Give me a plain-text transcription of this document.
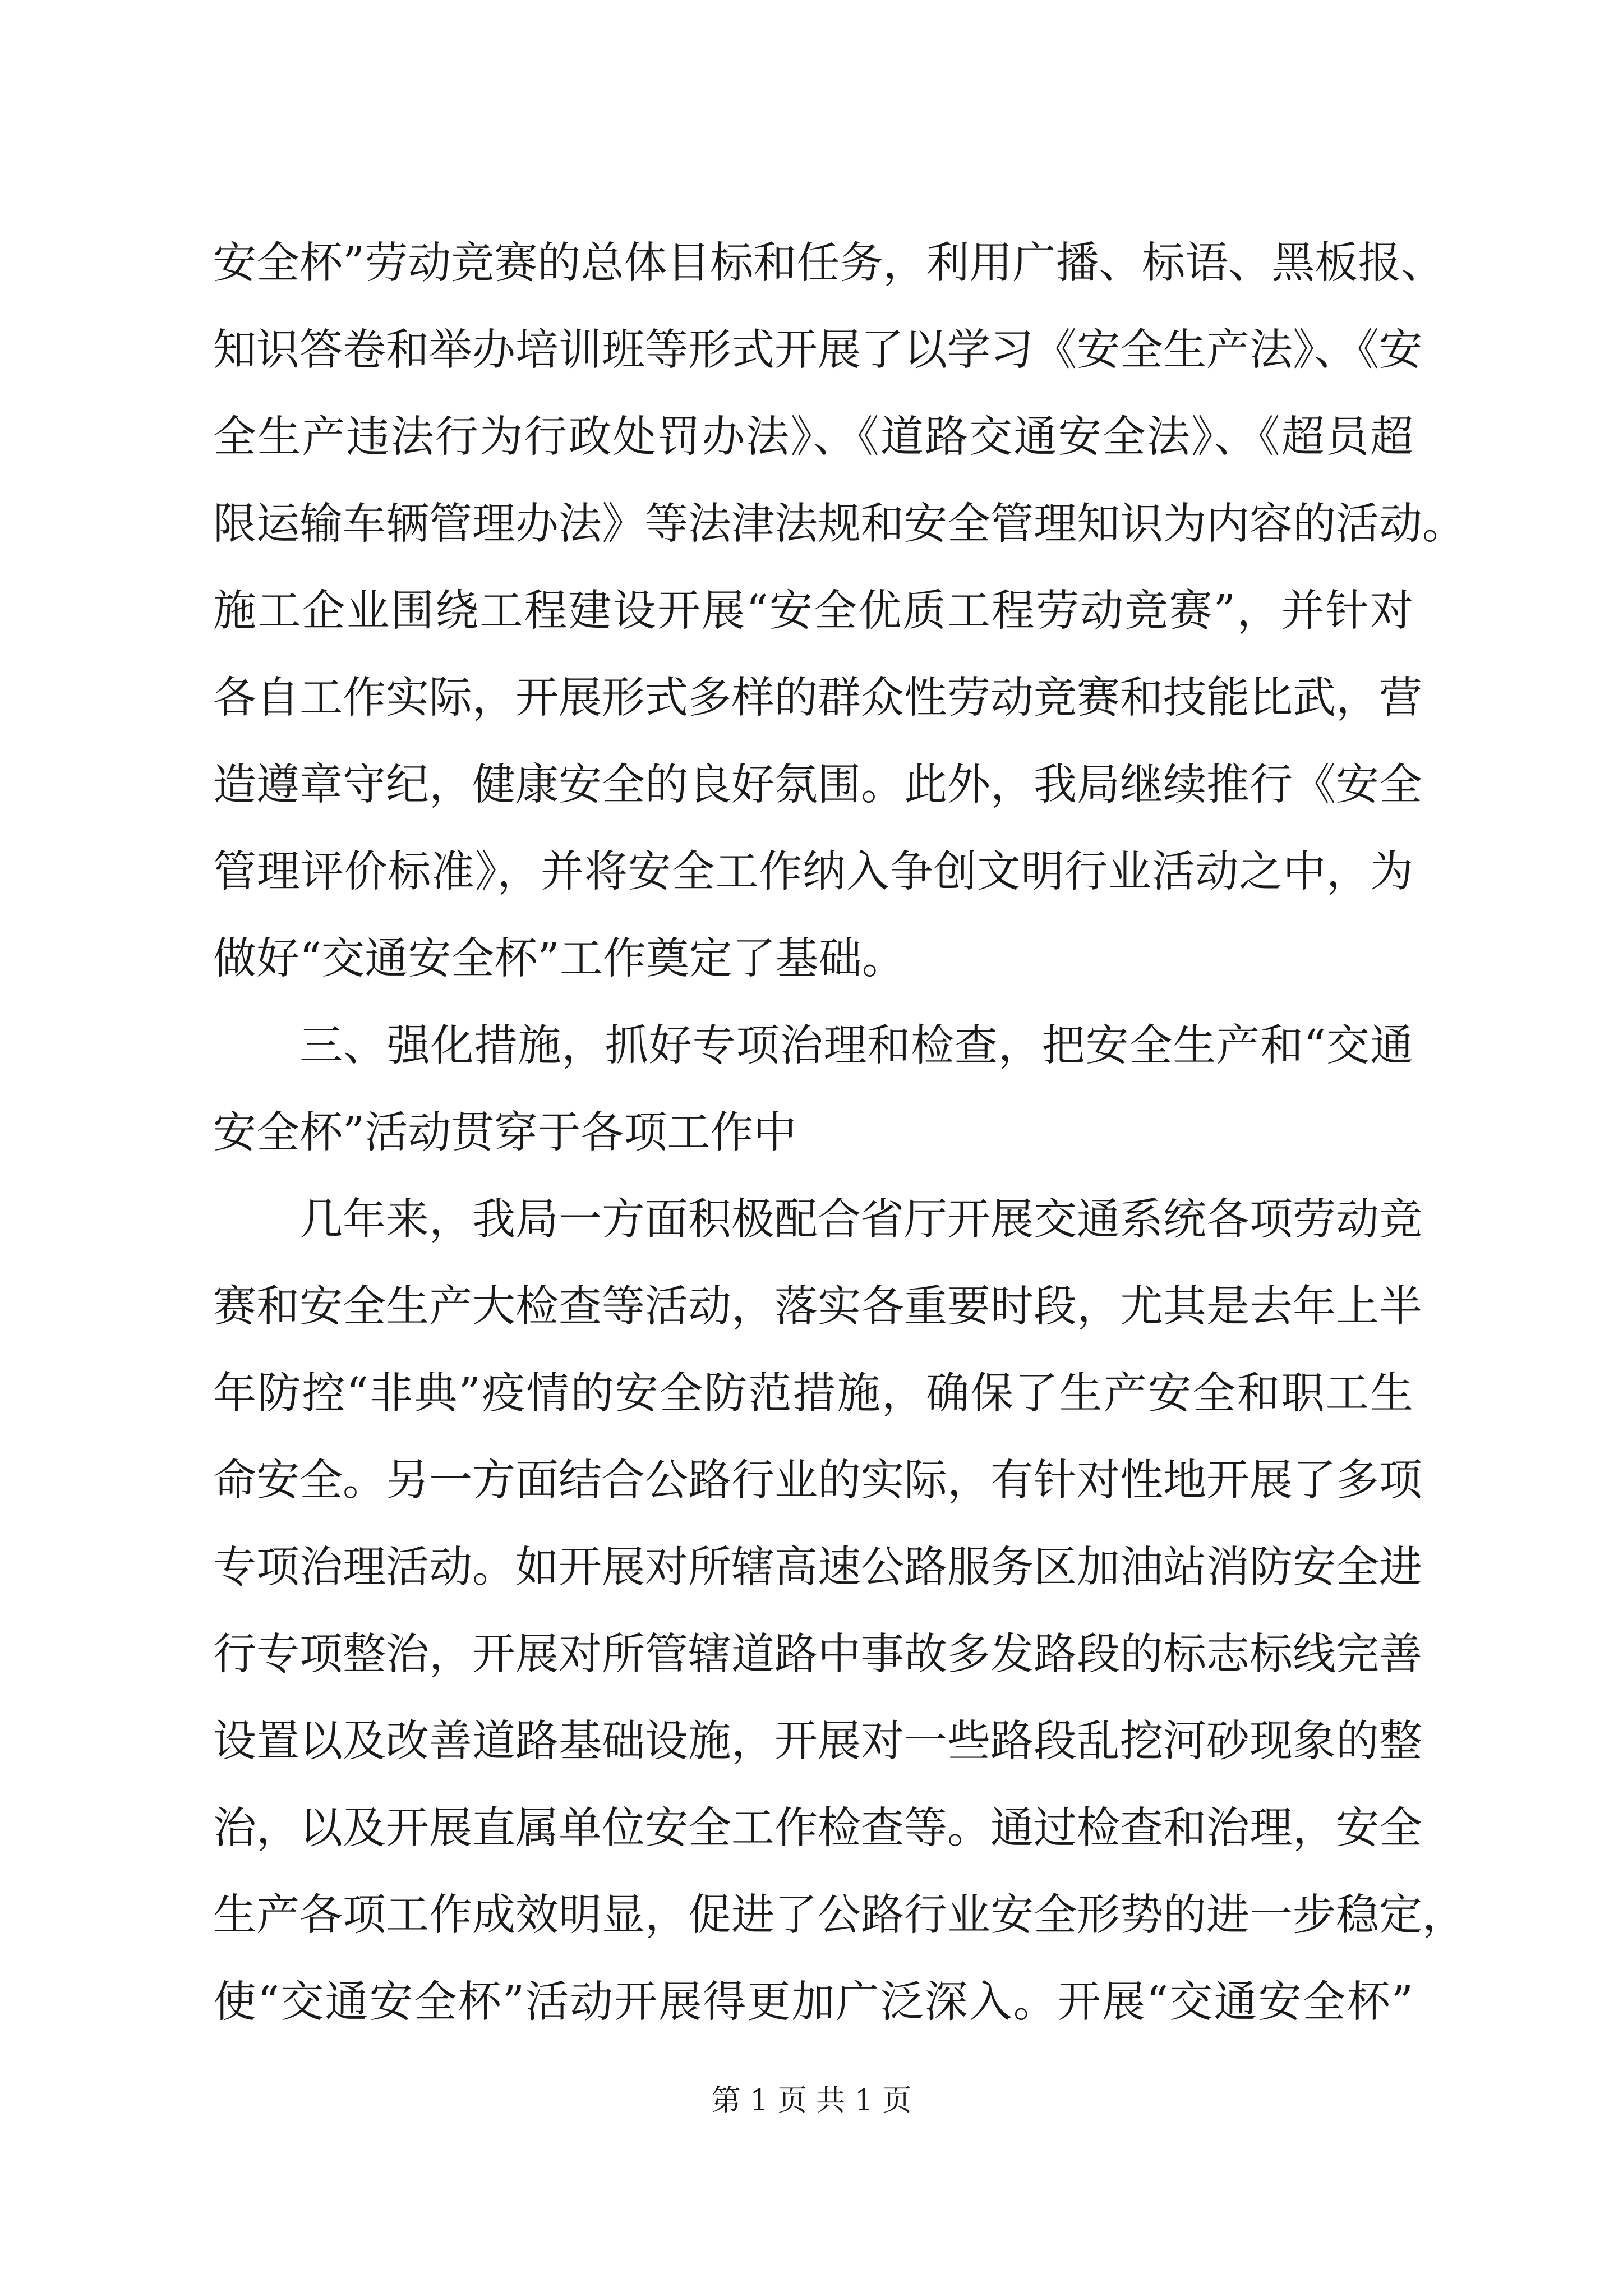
安全杯”劳动竞赛的总体目标和任务，利用广播、标语、黑板报、
知识答卷和举办培训班等形式开展了以学习《安全生产法》、《安
全生产违法行为行政处罚办法》、《道路交通安全法》、《超员超
限运输车辆管理办法》等法津法规和安全管理知识为内容的活动。
施工企业围绕工程建设开展“安全优质工程劳动竞赛”，并针对
各自工作实际，开展形式多样的群众性劳动竞赛和技能比武，营
造遵章守纪，健康安全的良好氛围。此外，我局继续推行《安全
管理评价标准》，并将安全工作纳入争创文明行业活动之中，为
做好“交通安全杯”工作奠定了基础。
三、强化措施，抓好专项治理和检查，把安全生产和“交通
安全杯”活动贯穿于各项工作中
几年来，我局一方面积极配合省厅开展交通系统各项劳动竞
赛和安全生产大检查等活动，落实各重要时段，尤其是去年上半
年防控“非典”疫情的安全防范措施，确保了生产安全和职工生
命安全。另一方面结合公路行业的实际，有针对性地开展了多项
专项治理活动。如开展对所辖高速公路服务区加油站消防安全进
行专项整治，开展对所管辖道路中事故多发路段的标志标线完善
设置以及改善道路基础设施，开展对一些路段乱挖河砂现象的整
治，以及开展直属单位安全工作检查等。通过检查和治理，安全
生产各项工作成效明显，促进了公路行业安全形势的进一步稳定，
使“交通安全杯”活动开展得更加广泛深入。开展“交通安全杯”
第 1 页 共 1 页
